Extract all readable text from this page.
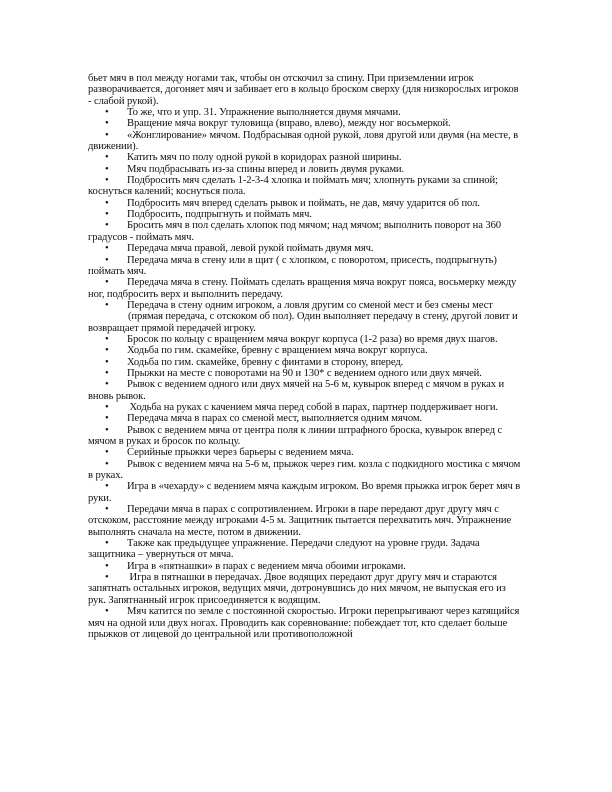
бьет мяч в пол между ногами так, чтобы он отскочил за спину. При приземлении игрок разворачивается, догоняет мяч и забивает его в кольцо броском сверху (для низкорослых игроков - слабой рукой).

• То же, что и упр. 31. Упражнение выполняется двумя мячами.

• Вращение мяча вокруг туловища (вправо, влево), между ног восьмеркой.

• «Жонглирование» мячом. Подбрасывая одной рукой, ловя другой или двумя (на месте, в движении).

• Катить мяч по полу одной рукой в коридорах разной ширины.

• Мяч подбрасывать из-за спины вперед и ловить двумя руками.

• Подбросить мяч сделать 1-2-3-4 хлопка и поймать мяч; хлопнуть руками за спиной; коснуться калений; коснуться пола.

• Подбросить мяч вперед сделать рывок и поймать, не дав, мячу ударится об пол.

• Подбросить, подпрыгнуть и поймать мяч.

• Бросить мяч в пол сделать хлопок под мячом; над мячом; выполнить поворот на 360 градусов - поймать мяч.

• Передача мяча правой, левой рукой поймать двумя мяч.

• Передача мяча в стену или в щит ( с хлопком, с поворотом, присесть, подпрыгнуть) поймать мяч.

• Передача мяча в стену. Поймать сделать вращения мяча вокруг пояса, восьмерку между ног, подбросить верх и выполнить передачу.

• Передача в стену одним игроком, а ловля другим со сменой мест и без смены мест(прямая передача, с отскоком об пол). Один выполняет передачу в стену, другой ловит и возвращает прямой передачей игроку.

• Бросок по кольцу с вращением мяча вокруг корпуса (1-2 раза) во время двух шагов.

• Ходьба по гим. скамейке, бревну с вращением мяча вокруг корпуса.

• Ходьба по гим. скамейке, бревну с финтами в сторону, вперед.

• Прыжки на месте с поворотами на 90 и 130* с ведением одного или двух мячей.

• Рывок с ведением одного или двух мячей на 5-6 м, кувырок вперед с мячом в руках и вновь рывок.

• Ходьба на руках с качением мяча перед собой в парах, партнер поддерживает ноги.

• Передача мяча в парах со сменой мест, выполняется одним мячом.

• Рывок с ведением мяча от центра поля к линии штрафного броска, кувырок вперед с мячом в руках и бросок по кольцу.

• Серийные прыжки через барьеры с ведением мяча.

• Рывок с ведением мяча на 5-6 м, прыжок через гим. козла с подкидного мостика с мячом в руках.

• Игра в «чехарду» с ведением мяча каждым игроком. Во время прыжка игрок берет мяч в руки.

• Передачи мяча в парах с сопротивлением. Игроки в паре передают друг другу мяч с отскоком, расстояние между игроками 4-5 м. Защитник пытается перехватить мяч. Упражнение выполнять сначала на месте, потом в движении.

• Также как предыдущее упражнение. Передачи следуют на уровне груди. Задача защитника – увернуться от мяча.

• Игра в «пятнашки» в парах с ведением мяча обоими игроками.

• Игра в пятнашки в передачах. Двое водящих передают друг другу мяч и стараются запятнать остальных игроков, ведущих мячи, дотронувшись до них мячом, не выпуская его из рук. Запятнанный игрок присоединяется к водящим.

• Мяч катится по земле с постоянной скоростью. Игроки перепрыгивают через катящийся мяч на одной или двух ногах. Проводить как соревнование: побеждает тот, кто сделает больше прыжков от лицевой до центральной или противоположной
